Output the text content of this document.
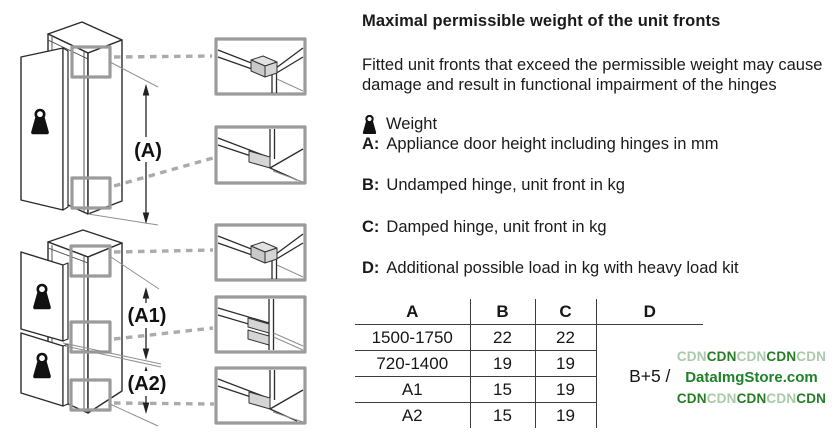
(A)
(A1)
(A2)
Maximal permissible weight of the unit fronts
Fitted unit fronts that exceed the permissible weight may cause damage and result in functional impairment of the hinges
Weight
A: Appliance door height including hinges in mm
B: Undamped hinge, unit front in kg
C: Damped hinge, unit front in kg
D: Additional possible load in kg with heavy load kit
A	B	C	D
1500-1750	22	22	B+5 /
720-1400	19	19	
A1	15	19	
A2	15	19	
CDNCDNCDNCDNCDN
DataImgStore.com
CDNCDNCDNCDNCDN
